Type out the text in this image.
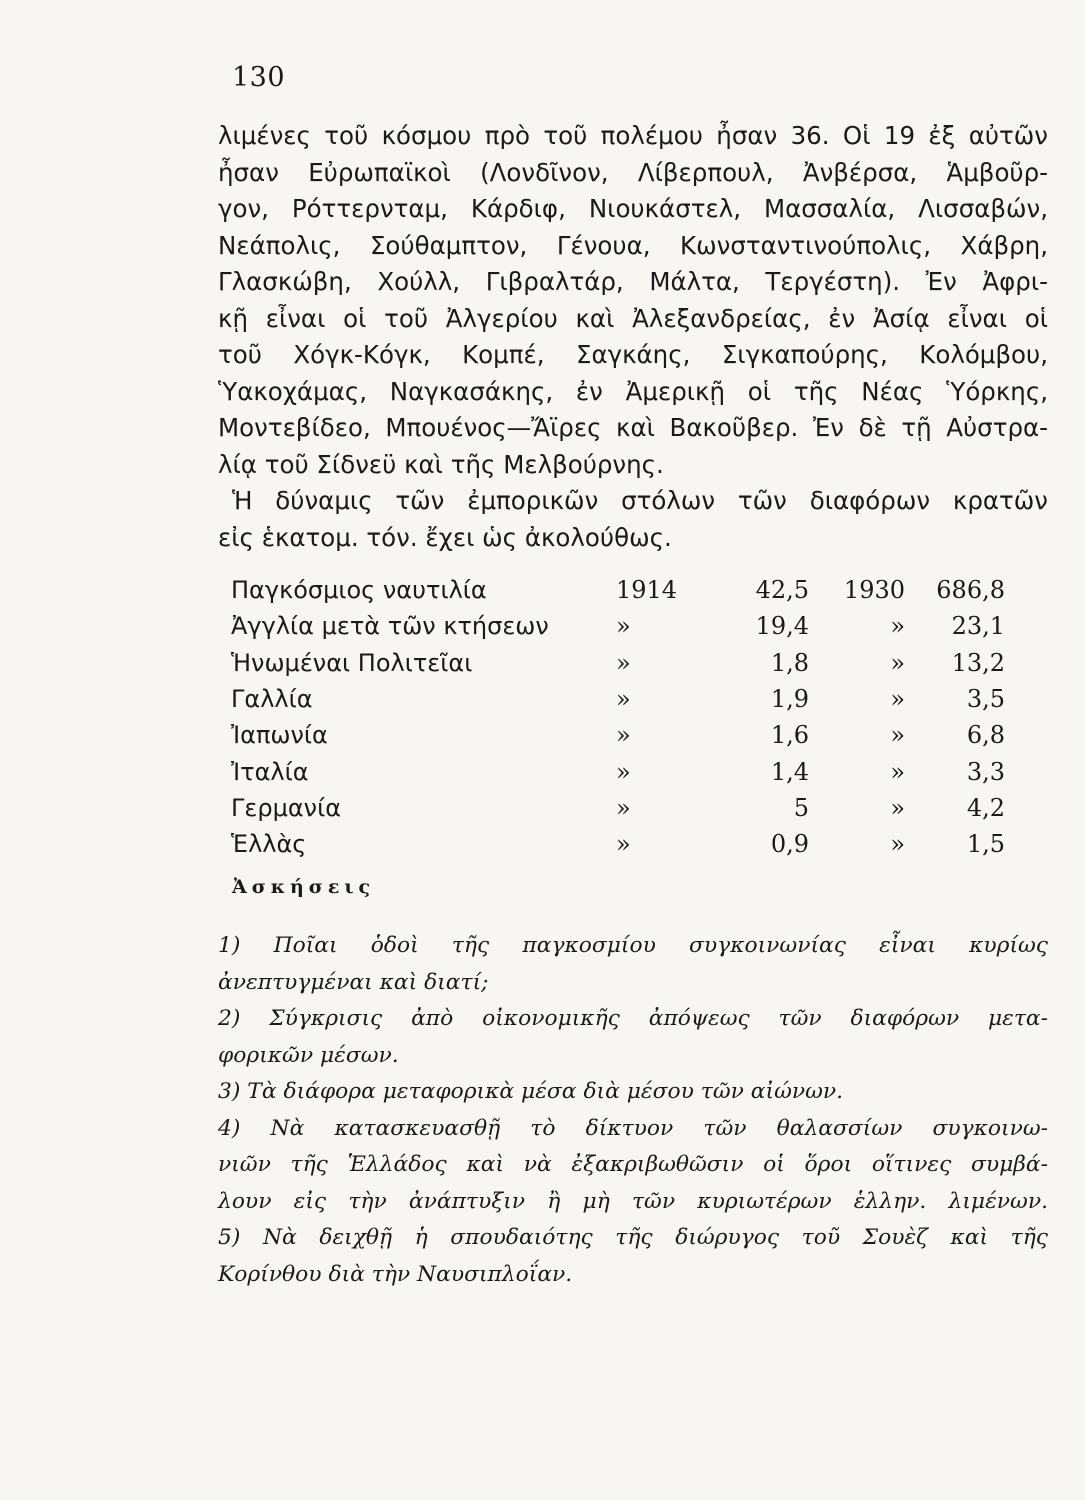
130
λιμένες τοῦ κόσμου πρὸ τοῦ πολέμου ἦσαν 36. Οἱ 19 ἐξ αὐτῶν
ἦσαν Εὐρωπαϊκοὶ (Λονδῖνον, Λίβερπουλ, Ἀνβέρσα, Ἁμβοῦρ-
γον, Ρόττερνταμ, Κάρδιφ, Νιουκάστελ, Μασσαλία, Λισσαβών,
Νεάπολις, Σούθαμπτον, Γένουα, Κωνσταντινούπολις, Χάβρη,
Γλασκώβη, Χούλλ, Γιβραλτάρ, Μάλτα, Τεργέστη). Ἐν Ἀφρι-
κῇ εἶναι οἱ τοῦ Ἀλγερίου καὶ Ἀλεξανδρείας, ἐν Ἀσίᾳ εἶναι οἱ
τοῦ Χόγκ-Κόγκ, Κομπέ, Σαγκάης, Σιγκαπούρης, Κολόμβου,
Ὑακοχάμας, Ναγκασάκης, ἐν Ἀμερικῇ οἱ τῆς Νέας Ὑόρκης,
Μοντεβίδεο, Μπουένος—Ἄϊρες καὶ Βακοῦβερ. Ἐν δὲ τῇ Αὐστρα-
λίᾳ τοῦ Σίδνεϋ καὶ τῆς Μελβούρνης.
Ἡ δύναμις τῶν ἐμπορικῶν στόλων τῶν διαφόρων κρατῶν
εἰς ἑκατομ. τόν. ἔχει ὡς ἀκολούθως.
Παγκόσμιος ναυτιλία	1914	42,5	1930	686,8	
Ἀγγλία μετὰ τῶν κτήσεων	»	19,4	»	23,1	
Ἡνωμέναι Πολιτεῖαι	»	1,8	»	13,2	
Γαλλία	»	1,9	»	3,5	
Ἰαπωνία	»	1,6	»	6,8	
Ἰταλία	»	1,4	»	3,3	
Γερμανία	»	5	»	4,2	
Ἑλλὰς	»	0,9	»	1,5	
Ἀσκήσεις
1) Ποῖαι ὁδοὶ τῆς παγκοσμίου συγκοινωνίας εἶναι κυρίως
ἀνεπτυγμέναι καὶ διατί;
2) Σύγκρισις ἀπὸ οἰκονομικῆς ἀπόψεως τῶν διαφόρων μετα-
φορικῶν μέσων.
3) Τὰ διάφορα μεταφορικὰ μέσα διὰ μέσου τῶν αἰώνων.
4) Νὰ κατασκευασθῇ τὸ δίκτυον τῶν θαλασσίων συγκοινω-
νιῶν τῆς Ἑλλάδος καὶ νὰ ἐξακριβωθῶσιν οἱ ὅροι οἵτινες συμβά-
λουν εἰς τὴν ἀνάπτυξιν ἢ μὴ τῶν κυριωτέρων ἑλλην. λιμένων.
5) Νὰ δειχθῇ ἡ σπουδαιότης τῆς διώρυγος τοῦ Σουὲζ καὶ τῆς
Κορίνθου διὰ τὴν Ναυσιπλοΐαν.
